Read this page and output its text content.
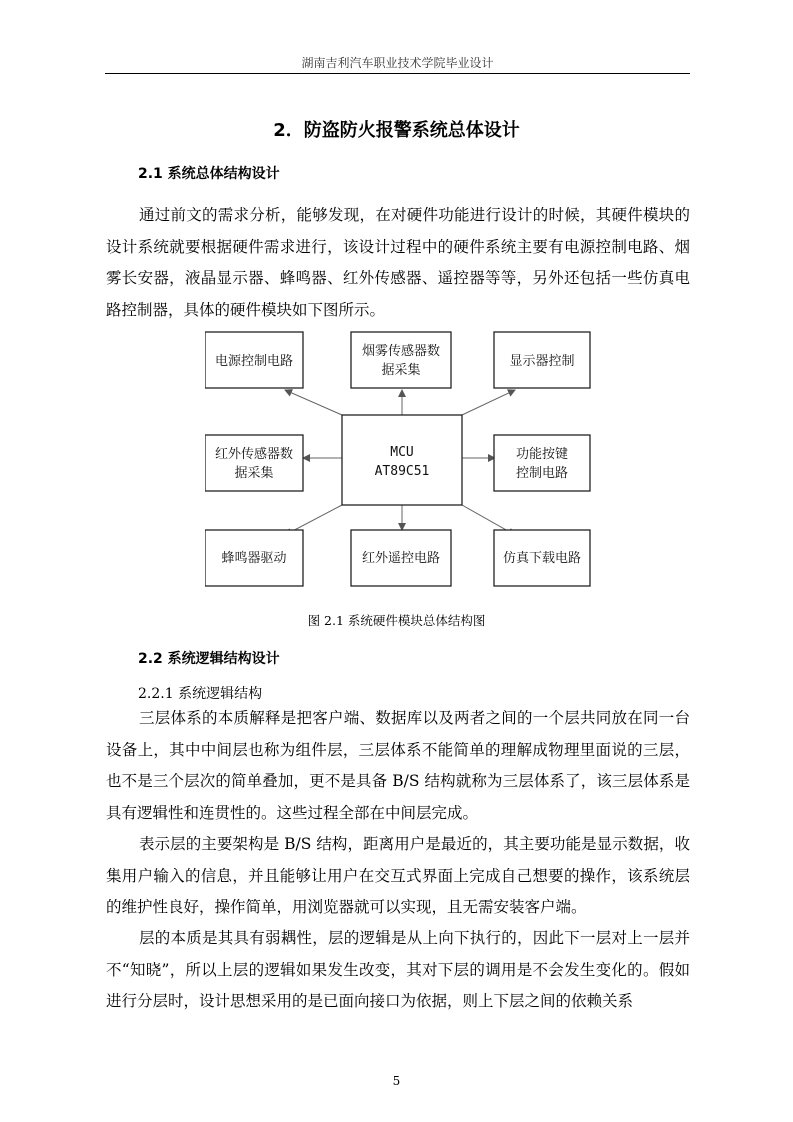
湖南吉利汽车职业技术学院毕业设计
2．防盗防火报警系统总体设计
2.1 系统总体结构设计

通过前文的需求分析，能够发现，在对硬件功能进行设计的时候，其硬件模块的设计系统就要根据硬件需求进行，该设计过程中的硬件系统主要有电源控制电路、烟雾长安器，液晶显示器、蜂鸣器、红外传感器、遥控器等等，另外还包括一些仿真电路控制器，具体的硬件模块如下图所示。

电源控制电路
烟雾传感器数
据采集
显示器控制
MCU
AT89C51
红外传感器数
据采集
功能按键
控制电路
蜂鸣器驱动	红外遥控电路	仿真下载电路
图 2.1 系统硬件模块总体结构图
2.2 系统逻辑结构设计
2.2.1 系统逻辑结构

三层体系的本质解释是把客户端、数据库以及两者之间的一个层共同放在同一台设备上，其中中间层也称为组件层，三层体系不能简单的理解成物理里面说的三层，也不是三个层次的简单叠加，更不是具备 B/S 结构就称为三层体系了，该三层体系是具有逻辑性和连贯性的。这些过程全部在中间层完成。

表示层的主要架构是 B/S 结构，距离用户是最近的，其主要功能是显示数据，收集用户输入的信息，并且能够让用户在交互式界面上完成自己想要的操作，该系统层的维护性良好，操作简单，用浏览器就可以实现，且无需安装客户端。

层的本质是其具有弱耦性，层的逻辑是从上向下执行的，因此下一层对上一层并不“知晓”，所以上层的逻辑如果发生改变，其对下层的调用是不会发生变化的。假如进行分层时，设计思想采用的是已面向接口为依据，则上下层之间的依赖关系

5
